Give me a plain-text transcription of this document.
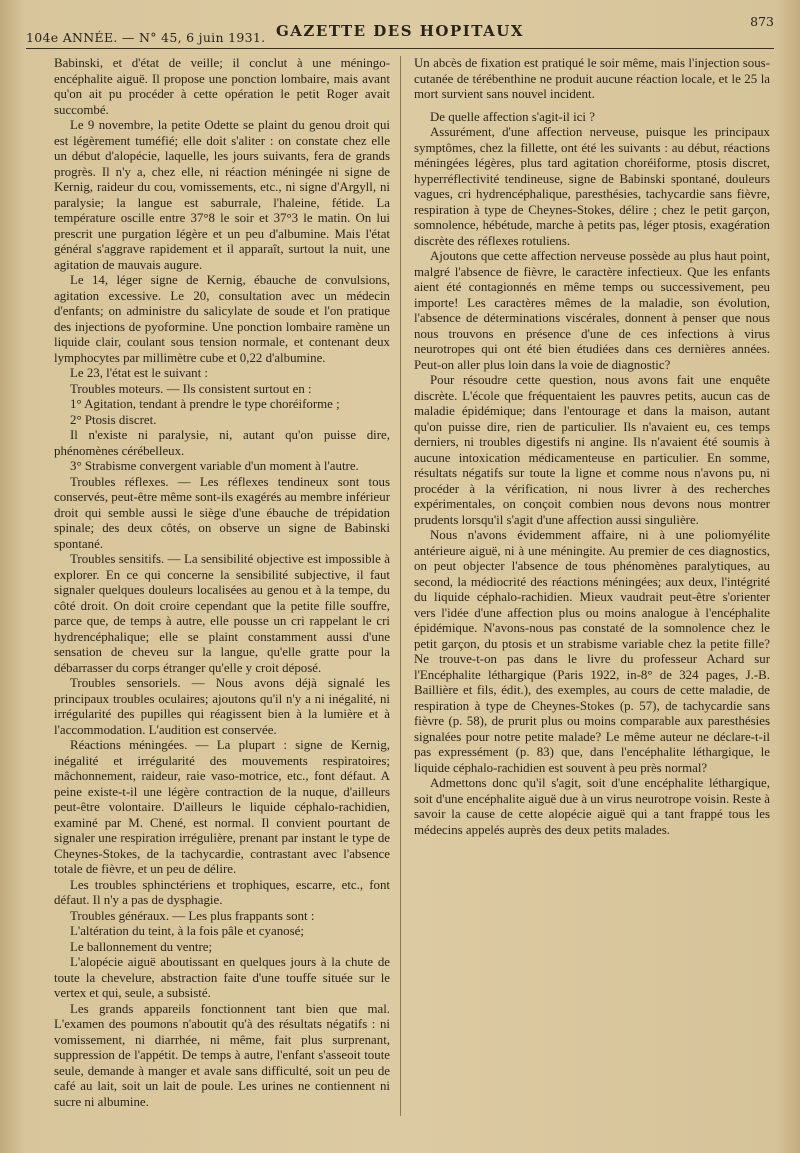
104e ANNÉE. — N° 45, 6 juin 1931. GAZETTE DES HOPITAUX
873

Babinski, et d'état de veille; il conclut à une méningo-encéphalite aiguë. Il propose une ponction lombaire, mais avant qu'on ait pu procéder à cette opération le petit Roger avait succombé.

Le 9 novembre, la petite Odette se plaint du genou droit qui est légèrement tuméfié; elle doit s'aliter : on constate chez elle un début d'alopécie, laquelle, les jours suivants, fera de grands progrès. Il n'y a, chez elle, ni réaction méningée ni signe de Kernig, raideur du cou, vomissements, etc., ni signe d'Argyll, ni paralysie; la langue est saburrale, l'haleine, fétide. La température oscille entre 37°8 le soir et 37°3 le matin. On lui prescrit une purgation légère et un peu d'albumine. Mais l'état général s'aggrave rapidement et il apparaît, surtout la nuit, une agitation de mauvais augure.

Le 14, léger signe de Kernig, ébauche de convulsions, agitation excessive. Le 20, consultation avec un médecin d'enfants; on administre du salicylate de soude et l'on pratique des injections de pyoformine. Une ponction lombaire ramène un liquide clair, coulant sous tension normale, et contenant deux lymphocytes par millimètre cube et 0,22 d'albumine.

Le 23, l'état est le suivant :

Troubles moteurs. — Ils consistent surtout en :

1° Agitation, tendant à prendre le type choréiforme ;

2° Ptosis discret.

Il n'existe ni paralysie, ni, autant qu'on puisse dire, phénomènes cérébelleux.

3° Strabisme convergent variable d'un moment à l'autre.

Troubles réflexes. — Les réflexes tendineux sont tous conservés, peut-être même sont-ils exagérés au membre inférieur droit qui semble aussi le siège d'une ébauche de trépidation spinale; des deux côtés, on observe un signe de Babinski spontané.

Troubles sensitifs. — La sensibilité objective est impossible à explorer. En ce qui concerne la sensibilité subjective, il faut signaler quelques douleurs localisées au genou et à la tempe, du côté droit. On doit croire cependant que la petite fille souffre, parce que, de temps à autre, elle pousse un cri rappelant le cri hydrencéphalique; elle se plaint constamment aussi d'une sensation de cheveu sur la langue, qu'elle gratte pour la débarrasser du corps étranger qu'elle y croit déposé.

Troubles sensoriels. — Nous avons déjà signalé les principaux troubles oculaires; ajoutons qu'il n'y a ni inégalité, ni irrégularité des pupilles qui réagissent bien à la lumière et à l'accommodation. L'audition est conservée.

Réactions méningées. — La plupart : signe de Kernig, inégalité et irrégularité des mouvements respiratoires; mâchonnement, raideur, raie vaso-motrice, etc., font défaut. A peine existe-t-il une légère contraction de la nuque, d'ailleurs peut-être volontaire. D'ailleurs le liquide céphalo-rachidien, examiné par M. Chené, est normal. Il convient pourtant de signaler une respiration irrégulière, prenant par instant le type de Cheynes-Stokes, de la tachycardie, contrastant avec l'absence totale de fièvre, et un peu de délire.

Les troubles sphinctériens et trophiques, escarre, etc., font défaut. Il n'y a pas de dysphagie.

Troubles généraux. — Les plus frappants sont :

L'altération du teint, à la fois pâle et cyanosé;

Le ballonnement du ventre;

L'alopécie aiguë aboutissant en quelques jours à la chute de toute la chevelure, abstraction faite d'une touffe située sur le vertex et qui, seule, a subsisté.

Les grands appareils fonctionnent tant bien que mal. L'examen des poumons n'aboutit qu'à des résultats négatifs : ni vomissement, ni diarrhée, ni même, fait plus surprenant, suppression de l'appétit. De temps à autre, l'enfant s'asseoit toute seule, demande à manger et avale sans difficulté, soit un peu de café au lait, soit un lait de poule. Les urines ne contiennent ni sucre ni albumine.

Un abcès de fixation est pratiqué le soir même, mais l'injection sous-cutanée de térébenthine ne produit aucune réaction locale, et le 25 la mort survient sans nouvel incident.

De quelle affection s'agit-il ici ?

Assurément, d'une affection nerveuse, puisque les principaux symptômes, chez la fillette, ont été les suivants : au début, réactions méningées légères, plus tard agitation choréiforme, ptosis discret, hyperréflectivité tendineuse, signe de Babinski spontané, douleurs vagues, cri hydrencéphalique, paresthésies, tachycardie sans fièvre, respiration à type de Cheynes-Stokes, délire ; chez le petit garçon, somnolence, hébétude, marche à petits pas, léger ptosis, exagération discrète des réflexes rotuliens.

Ajoutons que cette affection nerveuse possède au plus haut point, malgré l'absence de fièvre, le caractère infectieux. Que les enfants aient été contagionnés en même temps ou successivement, peu importe! Les caractères mêmes de la maladie, son évolution, l'absence de déterminations viscérales, donnent à penser que nous nous trouvons en présence d'une de ces infections à virus neurotropes qui ont été bien étudiées dans ces dernières années. Peut-on aller plus loin dans la voie de diagnostic?

Pour résoudre cette question, nous avons fait une enquête discrète. L'école que fréquentaient les pauvres petits, aucun cas de maladie épidémique; dans l'entourage et dans la maison, autant qu'on puisse dire, rien de particulier. Ils n'avaient eu, ces temps derniers, ni troubles digestifs ni angine. Ils n'avaient été soumis à aucune intoxication médicamenteuse en particulier. En somme, résultats négatifs sur toute la ligne et comme nous n'avons pu, ni procéder à la vérification, ni nous livrer à des recherches expérimentales, on conçoit combien nous devons nous montrer prudents lorsqu'il s'agit d'une affection aussi singulière.

Nous n'avons évidemment affaire, ni à une poliomyélite antérieure aiguë, ni à une méningite. Au premier de ces diagnostics, on peut objecter l'absence de tous phénomènes paralytiques, au second, la médiocrité des réactions méningées; aux deux, l'intégrité du liquide céphalo-rachidien. Mieux vaudrait peut-être s'orienter vers l'idée d'une affection plus ou moins analogue à l'encéphalite épidémique. N'avons-nous pas constaté de la somnolence chez le petit garçon, du ptosis et un strabisme variable chez la petite fille? Ne trouve-t-on pas dans le livre du professeur Achard sur l'Encéphalite léthargique (Paris 1922, in-8° de 324 pages, J.-B. Baillière et fils, édit.), des exemples, au cours de cette maladie, de respiration à type de Cheynes-Stokes (p. 57), de tachycardie sans fièvre (p. 58), de prurit plus ou moins comparable aux paresthésies signalées pour notre petite malade? Le même auteur ne déclare-t-il pas expressément (p. 83) que, dans l'encéphalite léthargique, le liquide céphalo-rachidien est souvent à peu près normal?

Admettons donc qu'il s'agit, soit d'une encéphalite léthargique, soit d'une encéphalite aiguë due à un virus neurotrope voisin. Reste à savoir la cause de cette alopécie aiguë qui a tant frappé tous les médecins appelés auprès des deux petits malades.
